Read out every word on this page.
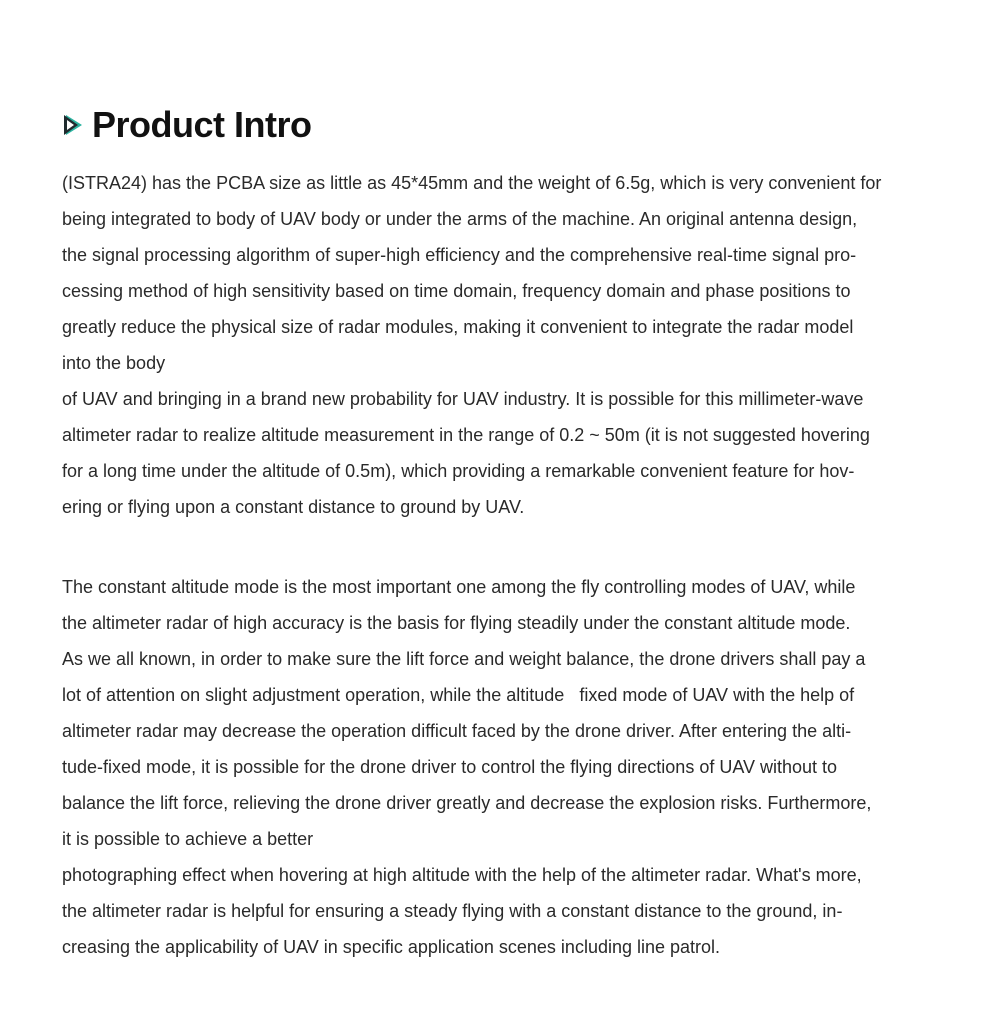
Product Intro
(ISTRA24) has the PCBA size as little as 45*45mm and the weight of 6.5g, which is very convenient for
being integrated to body of UAV body or under the arms of the machine. An original antenna design,
the signal processing algorithm of super-high efficiency and the comprehensive real-time signal pro-
cessing method of high sensitivity based on time domain, frequency domain and phase positions to
greatly reduce the physical size of radar modules, making it convenient to integrate the radar model
into the body
of UAV and bringing in a brand new probability for UAV industry. It is possible for this millimeter-wave
altimeter radar to realize altitude measurement in the range of 0.2 ~ 50m (it is not suggested hovering
for a long time under the altitude of 0.5m), which providing a remarkable convenient feature for hov-
ering or flying upon a constant distance to ground by UAV.
The constant altitude mode is the most important one among the fly controlling modes of UAV, while
the altimeter radar of high accuracy is the basis for flying steadily under the constant altitude mode.
As we all known, in order to make sure the lift force and weight balance, the drone drivers shall pay a
lot of attention on slight adjustment operation, while the altitude   fixed mode of UAV with the help of
altimeter radar may decrease the operation difficult faced by the drone driver. After entering the alti-
tude-fixed mode, it is possible for the drone driver to control the flying directions of UAV without to
balance the lift force, relieving the drone driver greatly and decrease the explosion risks. Furthermore,
it is possible to achieve a better
photographing effect when hovering at high altitude with the help of the altimeter radar. What's more,
the altimeter radar is helpful for ensuring a steady flying with a constant distance to the ground, in-
creasing the applicability of UAV in specific application scenes including line patrol.
